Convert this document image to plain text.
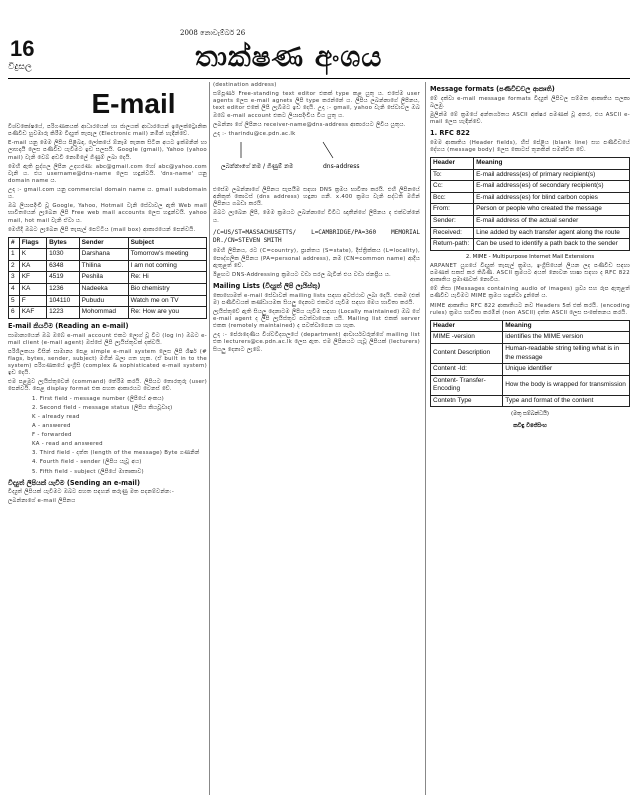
16
විදුසල
2008 නොවැම්බර් 26
තාක්ෂණ අංශය
E-mail
විශ්වකෝෂයේ, පරිගණකයක් ආධාරයෙන් හා ජාලයක් ආධාරයෙන් ඉලෙක්ට්‍රොනික පණිවිඩ හුවමාරු කිරීම විද්‍යුත් තැපෑල (Electronic mail) නමින් හැඳින්වේ.
E-mail යනු මෙම ලිපිය පිළිබඳ, ලෝකයේ ඕනෑම තැනක සිටින අයට ඉක්මනින් හා ලාභදායී ලෙස පණිවිඩ යැවීමට ඉඩ සලසයි. Google (gmail), Yahoo (yahoo mail) වැනි වෙබ් අඩවි නොමිලේ ගිණුම් ලබා දෙයි.
මෙහි ඇති පුද්ගල ලිපින උදාහරණ: abc@gmail.com හෝ abc@yahoo.com වැනි ය. එය username@dns-name ලෙස හඳුන්වයි. 'dns-name' යනු domain name ය.
උදා :- gmail.com යනු commercial domain name ය. gmail subdomain ය.
ඔබ ලියාපදිංචි වූ Google, Yahoo, Hotmail වැනි සේවාවල ඇති Web mail භාවිතයෙන් ලැබෙන ලිපි Free web mail accounts ලෙස හඳුන්වයි. yahoo mail, hot mail වැනි ඒවා ය.
මෙහිදී ඔබට ලැබෙන ලිපි තැපැල් පෙට්ටිය (mail box) ආකාරයෙන් පෙන්වයි.
#	Flags	Bytes	Sender	Subject
1	K	1030	Darshana	Tomorrow's meeting
2	KA	6348	Thilina	I am not coming
3	KF	4519	Peshila	Re: Hi
4	KA	1236	Nadeeka	Bio chemistry
5	F	104110	Pubudu	Watch me on TV
6	KAF	1223	Mohommad	Re: How are you
E-mail කියවීම (Reading an e-mail)
සාමාන්‍යයෙන් ඔබ ඔබේ e-mail account එකට ලොග් වූ විට (log in) ඔබට e-mail client (e-mail agent) ඔස්සේ ලිපි ලැයිස්තුවක් දක්වයි.
පරිශීලකයා විසින් සාමාන්‍ය පෙළ simple e-mail system ලෙස ලිපි ශීර්ෂ (# flags, bytes, sender, subject) මගින් බලා ගත හැක. (ඒ built in to the system) පරිගණකයේ ඉංග්‍රීසි (complex & sophisticated e-mail system) ඉඩ දෙයි.
එම පළමුව ලැයිස්තුවෙන් (command) තේරීම කරයි. ලිපියට තොරතුරු (user) පෙන්වයි. පෙළ display format එක පහත ආකාරයට වෙනස් වේ.
1. First field - message number (ලිපියේ අංකය)
2. Second field - message status (ලිපිය කියවූවාද)
K - already read
A - answered
F - forwarded
KA - read and answered
3. Third field - දත්ත (length of the message) Byte ගණනින්
4. Fourth field - sender (ලිපිය යැවූ අය)
5. Fifth field - subject (ලිපියේ මාතෘකාව)
විද්‍යුත් ලිපියක් යැවීම (Sending an e-mail)
විද්‍යුත් ලිපියක් යැවීමට ඔබට පහත සඳහන් කරුණු මත පදනම්වන්න:-
ලබන්නාගේ e-mail ලිපිනය
(destination address)
සම්පූර්ණ Free-standing text editor එකක් type කළ යුතු ය. එසේම user agents ලෙස e-mail agnets ලිපි type කරන්නේ ය. ලිපිය ලබන්නාගේ ලිපිනය, text editor එකේ ලිපි ලැබීමට ඉඩ දෙයි. උදා :- gmail, yahoo වැනි සේවාවල ඔබ ඔබේ e-mail account එකට ලියාපදිංචිය විය යුතු ය.
ලබන්නා ගේ ලිපිනය receiver-name@dns-address ආකාරයට ලිවිය යුතුය.
උදා :- tharindu@ce.pdn.ac.lk
ලබන්නාගේ නම / ගිණුම් නම	dns-address
එසේම ලබන්නාගේ ලිපිනය සැපයීම සඳහා DNS ක්‍රමය භාවිතා කරයි. එහි ලිපිනයේ අනිකුත් කොටස් (dns address) හඳුනා ගනී. x.400 ක්‍රමය වැනි පද්ධති මගින් ලිපිනය ගබඩා කරයි.
ඔබට ලැබෙන ලිපි, මෙම ක්‍රමයට ලබන්නාගේ විවිධ ඥාතීන්ගේ ලිපිනය ද එක්වන්නේ ය.
/C=US/ST=MASSACHUSETTS/ L=CAMBRIDGE/PA=360 MEMORIAL DR./CN=STEVEN SMITH
මෙහි ලිපිනය, රට (C=country), ප්‍රාන්තය (S=state), දිස්ත්‍රික්කය (L=locality), පෞද්ගලික ලිපිනය (PA=personal address), නම (CN=common name) ආදිය ඇතුළත් වේ.
ඊළඟට DNS-Addressing ක්‍රමයට වඩා සරල බැවින් එය වඩා ජනප්‍රිය ය.
Mailing Lists (විද්‍යුත් ලිපි ලැයිස්තු)
කොහොමත් e-mail සේවාවන් mailing lists සඳහා අවස්ථාව ලබා දෙයි. එකම (එක් ම) පණිවිඩයක් කණ්ඩායමක සියලු දෙනාට එකවර යැවීම සඳහා මෙය භාවිතා කරයි.
ලැයිස්තුවේ ඇති සියලු දෙනාටම ලිපිය යැවීම සඳහා (Locally maintained) ඔබ ගේ e-mail agent ද ලිපි ලැයිස්තුව පවත්වාගෙන යයි. Mailing list එකක් server එකක (remotely maintained) ද පවත්වාගෙන යා හැක.
උදා :- පේරාදෙණිය විශ්වවිද්‍යාලයේ (department) ආචාර්යවරුන්ගේ mailing list එක lecturers@ce.pdn.ac.lk ලෙස ඇත. එම ලිපිනයට යැවූ ලිපියක් (lecturers) සියලු දෙනාට ලැබේ.
Message formats (පණිවිඩවල ආකෘති)
මේ දක්වා e-mail message formats විද්‍යුත් ලිපිවල සම්මත ආකෘතිය සලකා බලමු.
මුලින්ම මේ ක්‍රමයේ අන්තර්ගතය ASCII අක්ෂර පමණක් වූ අතර, එය ASCII e-mail ලෙස හැඳින්වේ.
1. RFC 822
මෙම ආකෘතිය (Header fields), හිස් පේළිය (blank line) සහ පණිවිඩයේ දේහය (message body) ලෙස කොටස් තුනකින් සමන්විත වේ.
Header	Meaning
To:	E-mail address(es) of primary recipient(s)
Cc:	E-mail address(es) of secondary recipient(s)
Bcc:	E-mail address(es) for blind carbon copies
From:	Person or people who created the message
Sender:	E-mail address of the actual sender
Received:	Line added by each transfer agent along the route
Return-path:	Can be used to identify a path back to the sender
2. MIME - Multipurpose Internet Mail Extensions
ARPANET යුගයේ විද්‍යුත් තැපැල් ක්‍රමය, ඉංග්‍රීසියෙන් ලියන ලද පණිවිඩ සඳහා පමණක් සකස් කර තිබිණි. ASCII ක්‍රමයට අයත් නොවන භාෂා සඳහා ද RFC 822 ආකෘතිය ප්‍රමාණවත් නොවිය.
මේ නිසා (Messages containing audio of images) ශ්‍රව්‍ය සහ රූප ඇතුළත් පණිවිඩ යැවීමට MIME ක්‍රමය හඳුන්වා දුන්නේ ය.
MIME ආකෘතිය RFC 822 ආකෘතියට නව Headers 5ක් එක් කරයි. (encoding rules) ක්‍රමය භාවිතා කරමින් (non ASCII) දත්ත ASCII ලෙස සංකේතනය කරයි.
Header	Meaning
MIME -version	identifies the MIME version
Content Description	Human-readable string telling what is in the message
Content -Id:	Unique identifier
Content- Transfer-Encoding	How the body is wrapped for transmission
Contetn Type	Type and format of the content
(මතු සම්බන්ධයි)
කවිඳු විජේසිංහ
